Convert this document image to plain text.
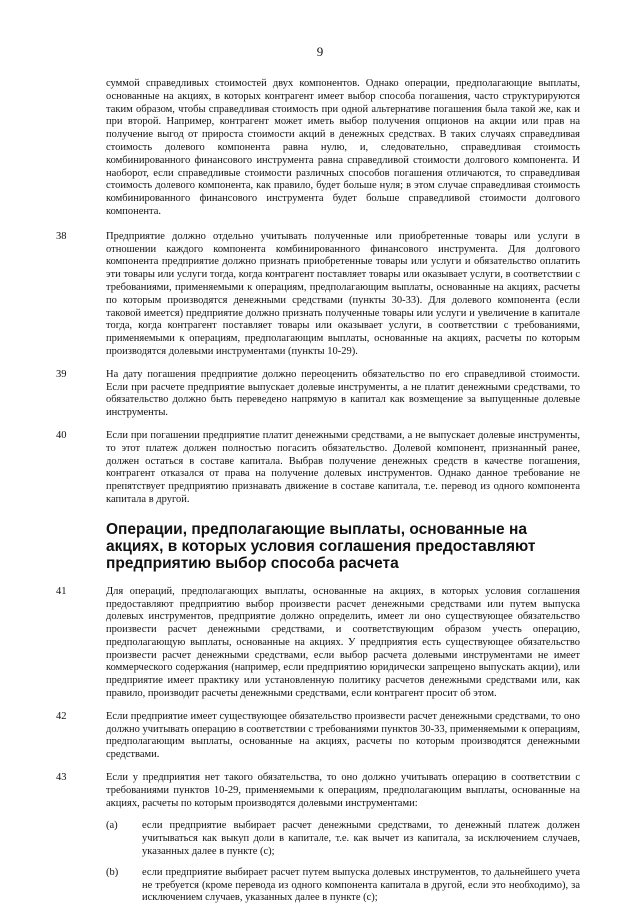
9
суммой справедливых стоимостей двух компонентов. Однако операции, предполагающие выплаты, основанные на акциях, в которых контрагент имеет выбор способа погашения, часто структурируются таким образом, чтобы справедливая стоимость при одной альтернативе погашения была такой же, как и при второй. Например, контрагент может иметь выбор получения опционов на акции или прав на получение выгод от прироста стоимости акций в денежных средствах. В таких случаях справедливая стоимость долевого компонента равна нулю, и, следовательно, справедливая стоимость комбинированного финансового инструмента равна справедливой стоимости долгового компонента. И наоборот, если справедливые стоимости различных способов погашения отличаются, то справедливая стоимость долевого компонента, как правило, будет больше нуля; в этом случае справедливая стоимость комбинированного финансового инструмента будет больше справедливой стоимости долгового компонента.
38	Предприятие должно отдельно учитывать полученные или приобретенные товары или услуги в отношении каждого компонента комбинированного финансового инструмента. Для долгового компонента предприятие должно признать приобретенные товары или услуги и обязательство оплатить эти товары или услуги тогда, когда контрагент поставляет товары или оказывает услуги, в соответствии с требованиями, применяемыми к операциям, предполагающим выплаты, основанные на акциях, расчеты по которым производятся денежными средствами (пункты 30-33). Для долевого компонента (если таковой имеется) предприятие должно признать полученные товары или услуги и увеличение в капитале тогда, когда контрагент поставляет товары или оказывает услуги, в соответствии с требованиями, применяемыми к операциям, предполагающим выплаты, основанные на акциях, расчеты по которым производятся долевыми инструментами (пункты 10-29).
39	На дату погашения предприятие должно переоценить обязательство по его справедливой стоимости. Если при расчете предприятие выпускает долевые инструменты, а не платит денежными средствами, то обязательство должно быть переведено напрямую в капитал как возмещение за выпущенные долевые инструменты.
40	Если при погашении предприятие платит денежными средствами, а не выпускает долевые инструменты, то этот платеж должен полностью погасить обязательство. Долевой компонент, признанный ранее, должен остаться в составе капитала. Выбрав получение денежных средств в качестве погашения, контрагент отказался от права на получение долевых инструментов. Однако данное требование не препятствует предприятию признавать движение в составе капитала, т.е. перевод из одного компонента капитала в другой.
Операции, предполагающие выплаты, основанные на акциях, в которых условия соглашения предоставляют предприятию выбор способа расчета
41	Для операций, предполагающих выплаты, основанные на акциях, в которых условия соглашения предоставляют предприятию выбор произвести расчет денежными средствами или путем выпуска долевых инструментов, предприятие должно определить, имеет ли оно существующее обязательство произвести расчет денежными средствами, и соответствующим образом учесть операцию, предполагающую выплаты, основанные на акциях. У предприятия есть существующее обязательство произвести расчет денежными средствами, если выбор расчета долевыми инструментами не имеет коммерческого содержания (например, если предприятию юридически запрещено выпускать акции), или предприятие имеет практику или установленную политику расчетов денежными средствами или, как правило, производит расчеты денежными средствами, если контрагент просит об этом.
42	Если предприятие имеет существующее обязательство произвести расчет денежными средствами, то оно должно учитывать операцию в соответствии с требованиями пунктов 30-33, применяемыми к операциям, предполагающим выплаты, основанные на акциях, расчеты по которым производятся денежными средствами.
43	Если у предприятия нет такого обязательства, то оно должно учитывать операцию в соответствии с требованиями пунктов 10-29, применяемыми к операциям, предполагающим выплаты, основанные на акциях, расчеты по которым производятся долевыми инструментами:
(a)	если предприятие выбирает расчет денежными средствами, то денежный платеж должен учитываться как выкуп доли в капитале, т.е. как вычет из капитала, за исключением случаев, указанных далее в пункте (с);
(b)	если предприятие выбирает расчет путем выпуска долевых инструментов, то дальнейшего учета не требуется (кроме перевода из одного компонента капитала в другой, если это необходимо), за исключением случаев, указанных далее в пункте (с);
